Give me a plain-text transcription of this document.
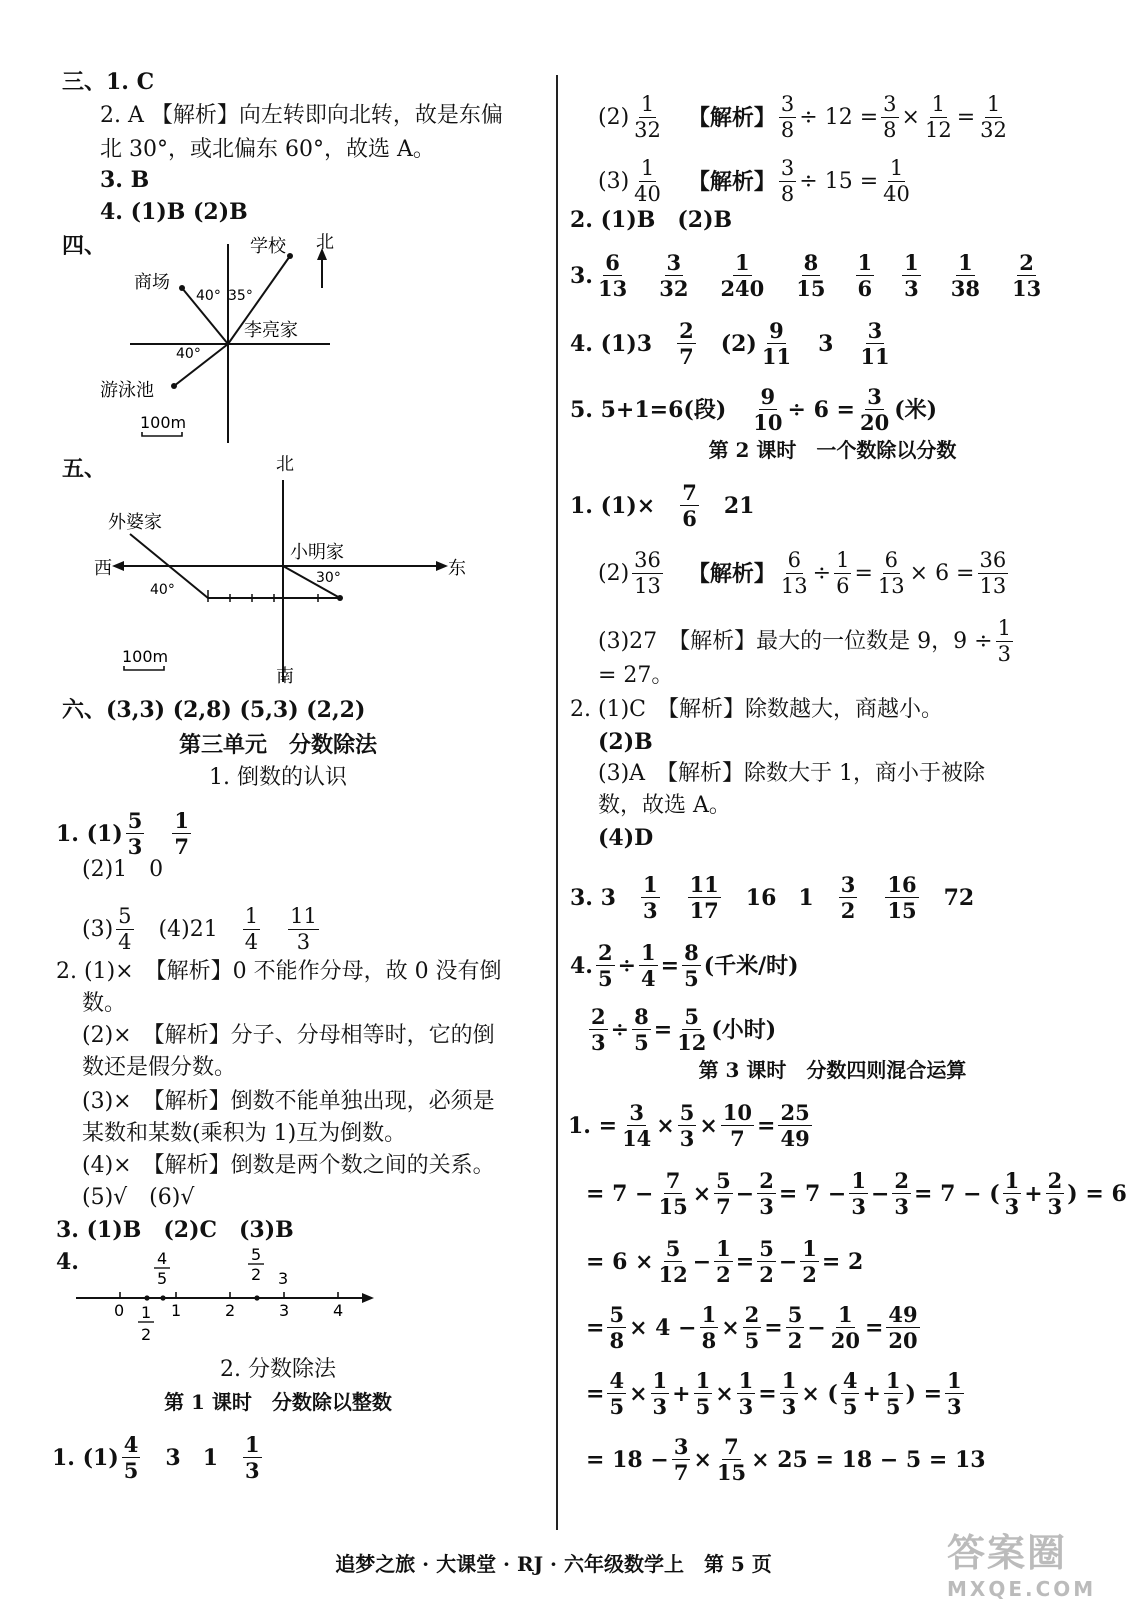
三、1. C
2. A 【解析】向左转即向北转，故是东偏
北 30°，或北偏东 60°，故选 A。
3. B
4. (1)B (2)B
四、	北
学校
商场
李亮家
游泳池
40° 35°
40°
100m
五、	北
南
西	东
外婆家
小明家
40°
30°
100m
六、(3,3) (2,8) (5,3) (2,2)
第三单元　分数除法
1. 倒数的认识
1. $(1) \frac{5}{3} \frac{1}{7}$
(2)1　0
$(3) \frac{5}{4} (4)21 \frac{1}{4} \frac{11}{3}$
2. (1)×　【解析】0 不能作分母，故 0 没有倒
数。
(2)×　【解析】分子、分母相等时，它的倒
数还是假分数。
(3)×　【解析】倒数不能单独出现，必须是
某数和某数(乘积为 1)互为倒数。
(4)×　【解析】倒数是两个数之间的关系。
(5)√　(6)√
3. (1)B　(2)C　(3)B
4.
0	1	2	3	4
4
5
5
2 3
1
2
2. 分数除法
第 1 课时　分数除以整数
1. $(1) \frac{4}{5} 3$ $1 \frac{1}{3}$
$(2) \frac{1}{32}$ 【解析】 $\frac{3}{8} \div 12 = \frac{3}{8} \times \frac{1}{12} = \frac{1}{32}$
$(3) \frac{1}{40}$ 【解析】 $\frac{3}{8} \div 15 = \frac{1}{40}$
2. (1)B　(2)B
3. $\frac{6}{13} \frac{3}{32} \frac{1}{240} \frac{8}{15} \frac{1}{6} \frac{1}{3} \frac{1}{38} \frac{2}{13}$
4. $(1)3 \frac{2}{7} (2) \frac{9}{11} 3 \frac{3}{11}$
5. 5+1=6(段) $\frac{9}{10} \div 6 = \frac{3}{20}$ (米)
第 2 课时　一个数除以分数
1. $(1)\times \frac{7}{6} 21$
$(2) \frac{36}{13}$ 【解析】 $\frac{6}{13} \div \frac{1}{6} = \frac{6}{13} \times 6 = \frac{36}{13}$
(3)27　【解析】最大的一位数是 9，$9 \div \frac{1}{3}$
= 27。
2. (1)C　【解析】除数越大，商越小。
(2)B
(3)A　【解析】除数大于 1，商小于被除
数，故选 A。
(4)D
3. $3 \frac{1}{3} \frac{11}{17} 16$　$1 \frac{3}{2} \frac{16}{15} 72$
4. $\frac{2}{5} \div \frac{1}{4} = \frac{8}{5}$ (千米/时)
$\frac{2}{3} \div \frac{8}{5} = \frac{5}{12}$ (小时)
第 3 课时　分数四则混合运算
1. = $\frac{3}{14} \times \frac{5}{3} \times \frac{10}{7} = \frac{25}{49}$
= $7 - \frac{7}{15} \times \frac{5}{7} - \frac{2}{3} = 7 - \frac{1}{3} - \frac{2}{3} = 7$ − ( $\frac{1}{3} + \frac{2}{3}$ ) = 6
= $6 \times \frac{5}{12} - \frac{1}{2} = \frac{5}{2} - \frac{1}{2} = 2$
= $\frac{5}{8} \times 4 - \frac{1}{8} \times \frac{2}{5} = \frac{5}{2} - \frac{1}{20} = \frac{49}{20}$
= $\frac{4}{5} \times \frac{1}{3} + \frac{1}{5} \times \frac{1}{3} = \frac{1}{3}$ × ( $\frac{4}{5} + \frac{1}{5}$ ) = $\frac{1}{3}$
= $18 - \frac{3}{7} \times \frac{7}{15} \times 25 = 18 - 5 = 13$
追梦之旅 · 大课堂 · RJ · 六年级数学上　第 5 页	答案圈
MXQE.COM
